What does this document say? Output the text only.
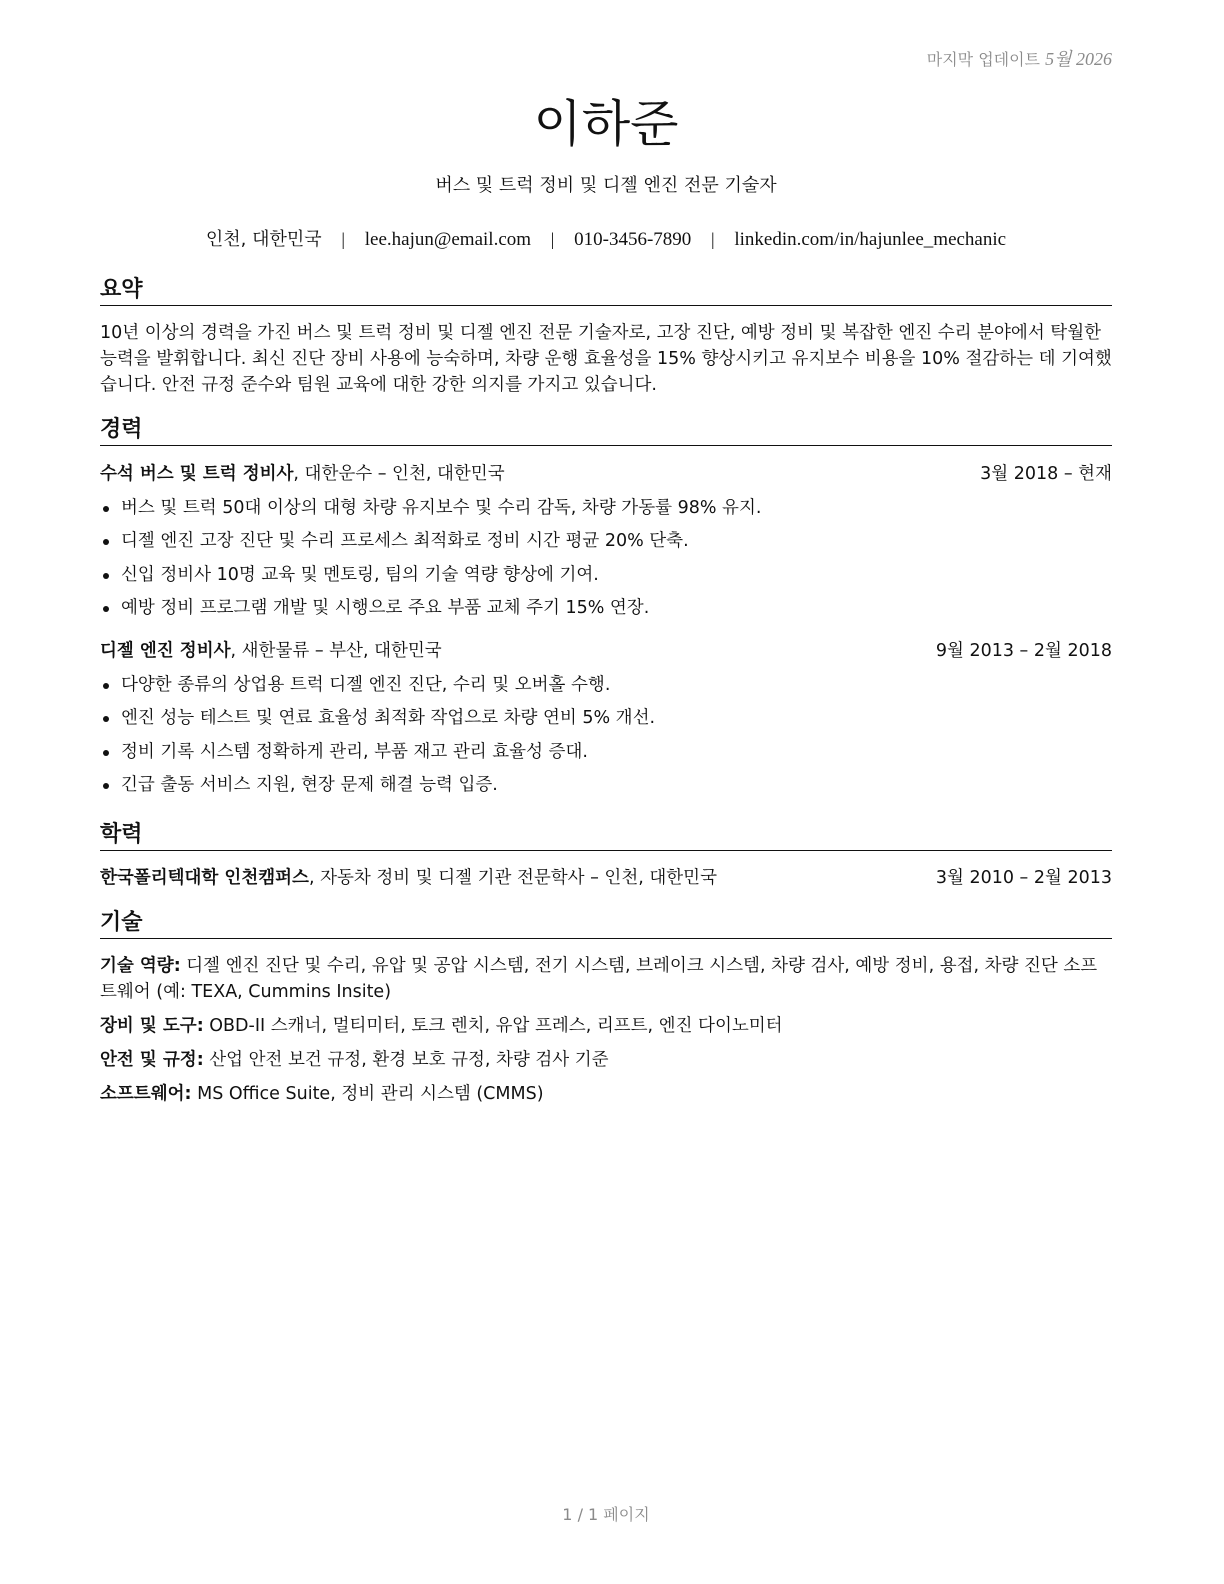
마지막 업데이트 5월 2026
이하준
버스 및 트럭 정비 및 디젤 엔진 전문 기술자
인천, 대한민국 | lee.hajun@email.com | 010-3456-7890 | linkedin.com/in/hajunlee_mechanic
요약

10년 이상의 경력을 가진 버스 및 트럭 정비 및 디젤 엔진 전문 기술자로, 고장 진단, 예방 정비 및 복잡한 엔진 수리 분야에서 탁월한 능력을 발휘합니다. 최신 진단 장비 사용에 능숙하며, 차량 운행 효율성을 15% 향상시키고 유지보수 비용을 10% 절감하는 데 기여했습니다. 안전 규정 준수와 팀원 교육에 대한 강한 의지를 가지고 있습니다.

경력
수석 버스 및 트럭 정비사, 대한운수 – 인천, 대한민국	3월 2018 – 현재
버스 및 트럭 50대 이상의 대형 차량 유지보수 및 수리 감독, 차량 가동률 98% 유지.
디젤 엔진 고장 진단 및 수리 프로세스 최적화로 정비 시간 평균 20% 단축.
신입 정비사 10명 교육 및 멘토링, 팀의 기술 역량 향상에 기여.
예방 정비 프로그램 개발 및 시행으로 주요 부품 교체 주기 15% 연장.
디젤 엔진 정비사, 새한물류 – 부산, 대한민국	9월 2013 – 2월 2018
다양한 종류의 상업용 트럭 디젤 엔진 진단, 수리 및 오버홀 수행.
엔진 성능 테스트 및 연료 효율성 최적화 작업으로 차량 연비 5% 개선.
정비 기록 시스템 정확하게 관리, 부품 재고 관리 효율성 증대.
긴급 출동 서비스 지원, 현장 문제 해결 능력 입증.
학력
한국폴리텍대학 인천캠퍼스, 자동차 정비 및 디젤 기관 전문학사 – 인천, 대한민국	3월 2010 – 2월 2013
기술
기술 역량: 디젤 엔진 진단 및 수리, 유압 및 공압 시스템, 전기 시스템, 브레이크 시스템, 차량 검사, 예방 정비, 용접, 차량 진단 소프트웨어 (예: TEXA, Cummins Insite)
장비 및 도구: OBD-II 스캐너, 멀티미터, 토크 렌치, 유압 프레스, 리프트, 엔진 다이노미터
안전 및 규정: 산업 안전 보건 규정, 환경 보호 규정, 차량 검사 기준
소프트웨어: MS Office Suite, 정비 관리 시스템 (CMMS)
1 / 1 페이지
